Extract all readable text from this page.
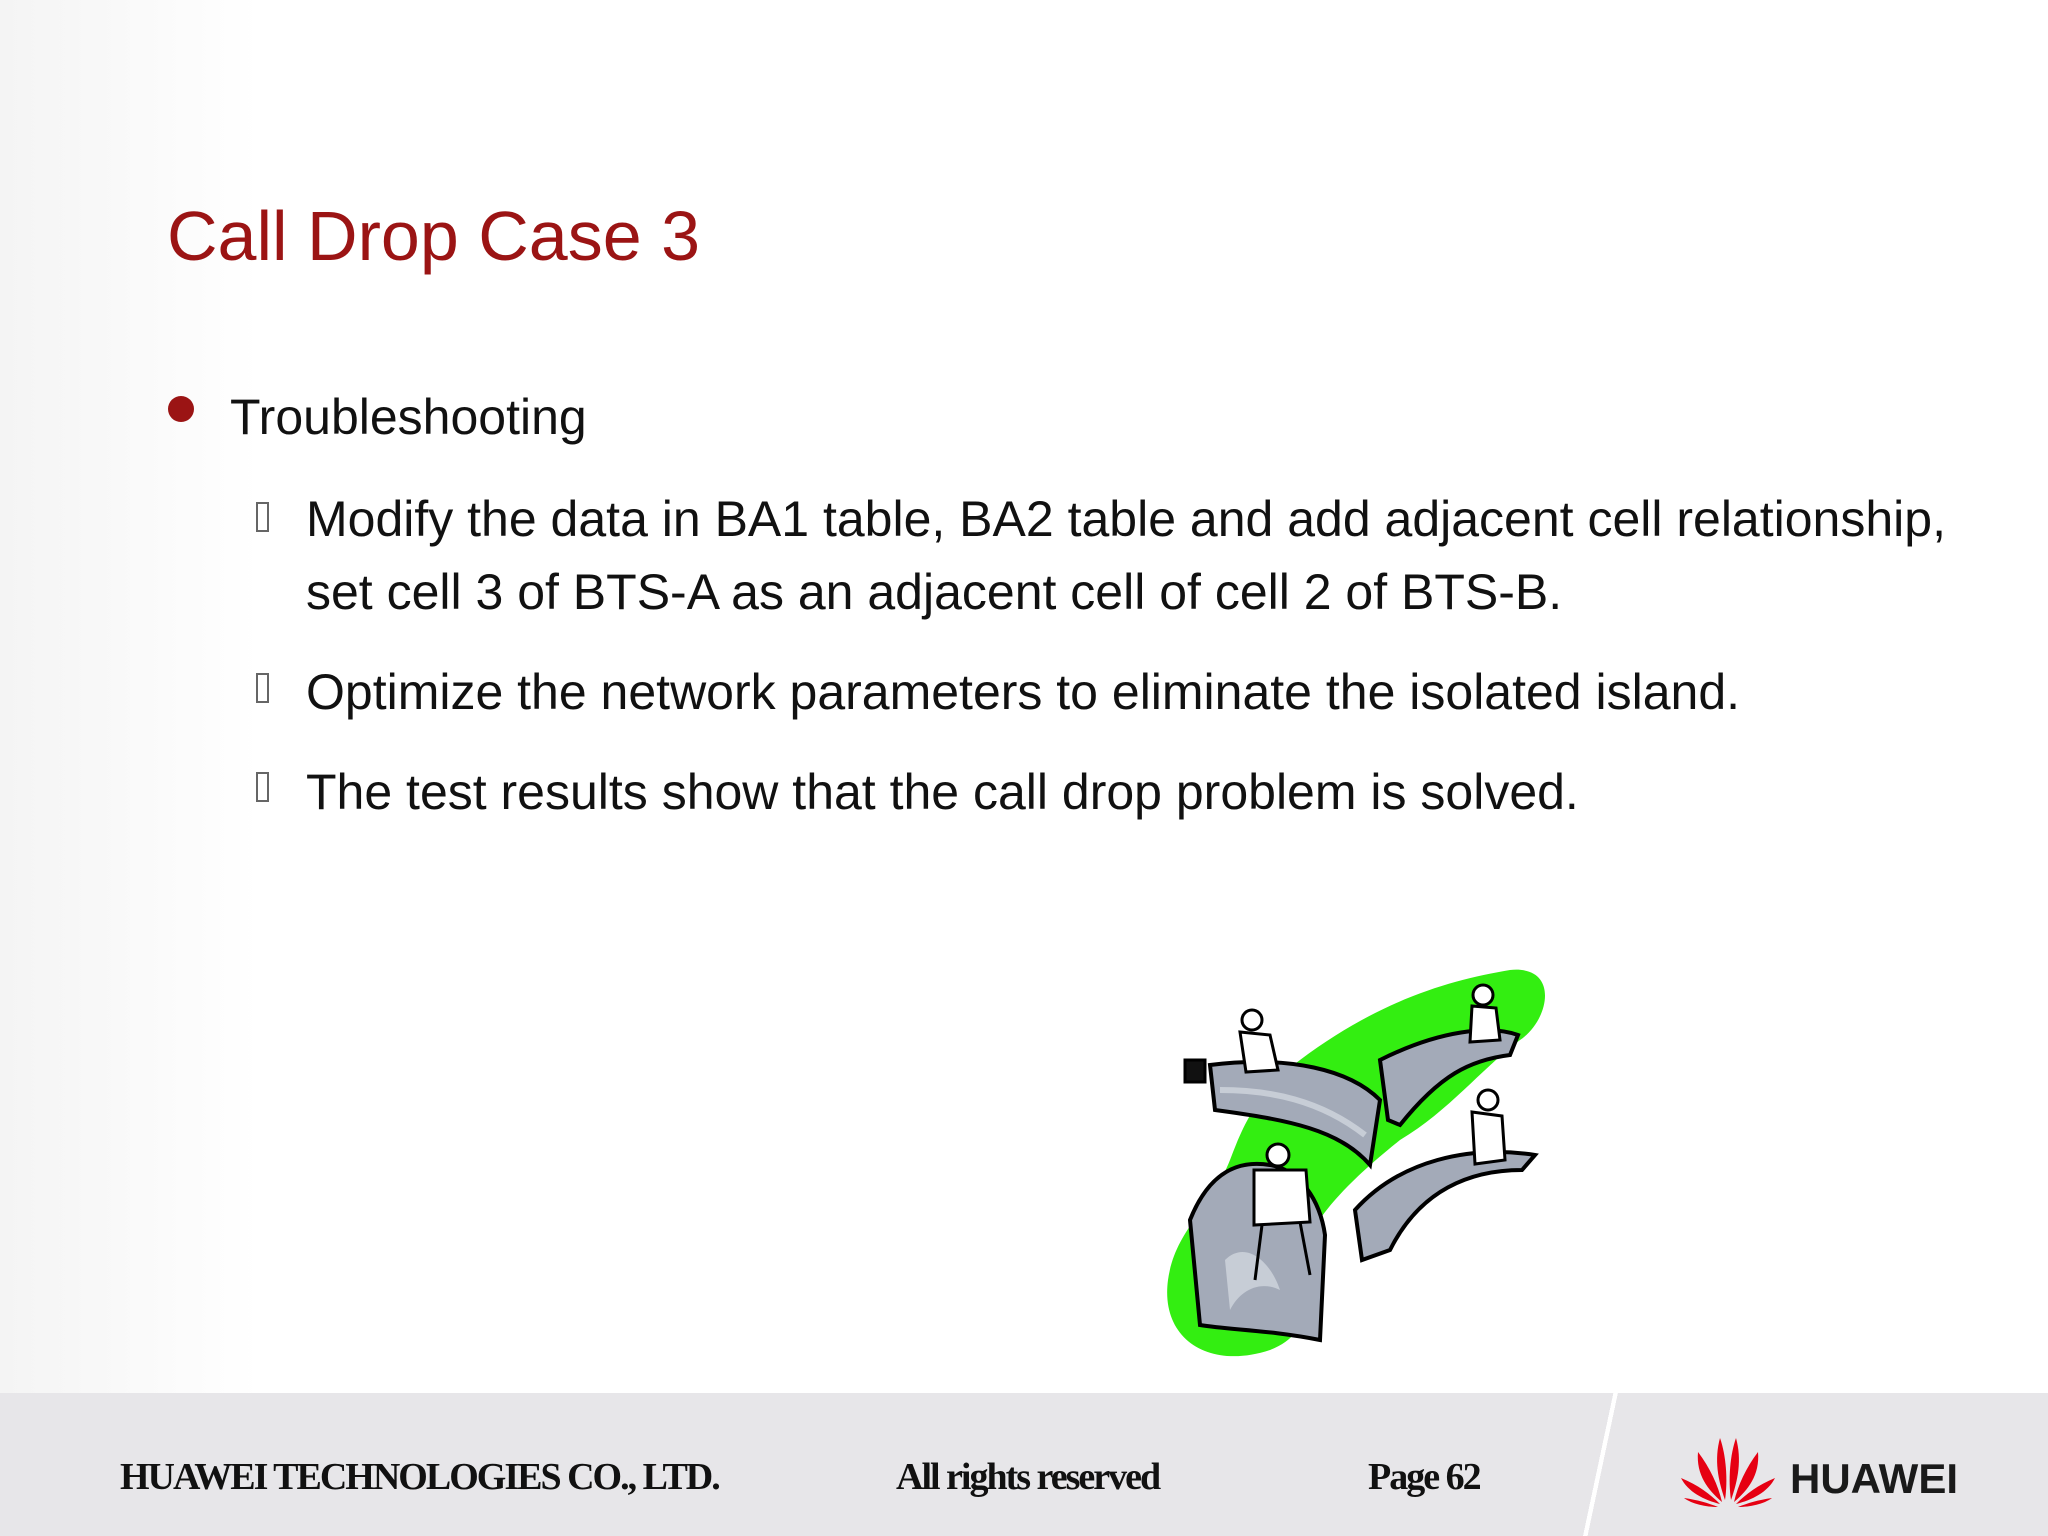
Call Drop Case 3
Troubleshooting
Modify the data in BA1 table, BA2 table and add adjacent cell relationship, set cell 3 of BTS-A as an adjacent cell of cell 2 of BTS-B.
Optimize the network parameters to eliminate the isolated island.
The test results show that the call drop problem is solved.
HUAWEI TECHNOLOGIES CO., LTD.	All rights reserved	Page 62	HUAWEI
